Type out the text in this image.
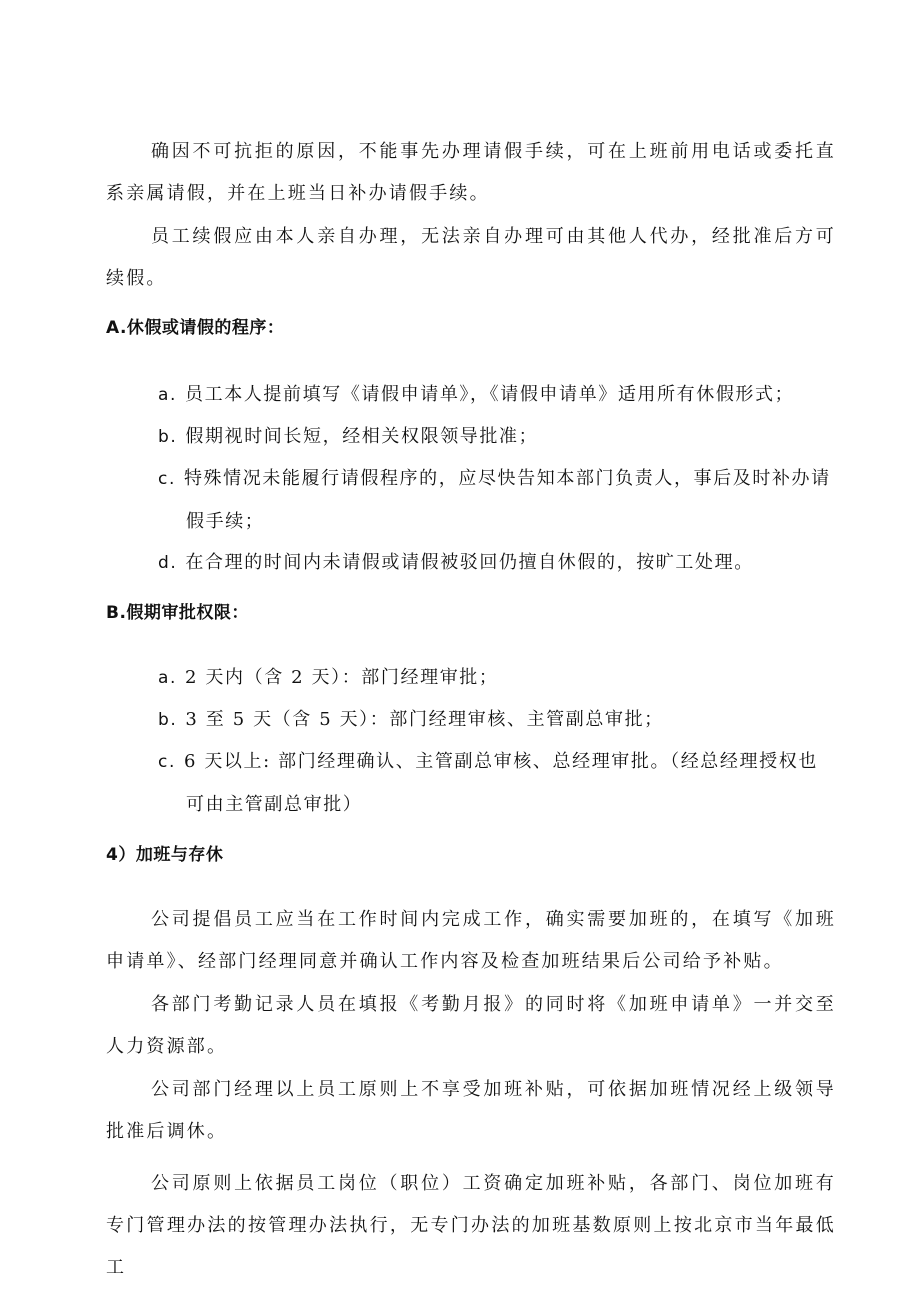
确因不可抗拒的原因，不能事先办理请假手续，可在上班前用电话或委托直系亲属请假，并在上班当日补办请假手续。
员工续假应由本人亲自办理，无法亲自办理可由其他人代办，经批准后方可续假。
A.休假或请假的程序：
a. 员工本人提前填写《请假申请单》，《请假申请单》适用所有休假形式；
b. 假期视时间长短，经相关权限领导批准；
c. 特殊情况未能履行请假程序的，应尽快告知本部门负责人，事后及时补办请
假手续；
d. 在合理的时间内未请假或请假被驳回仍擅自休假的，按旷工处理。
B.假期审批权限：
a. 2 天内（含 2 天）：部门经理审批；
b. 3 至 5 天（含 5 天）：部门经理审核、主管副总审批；
c. 6 天以上: 部门经理确认、主管副总审核、总经理审批。（经总经理授权也
可由主管副总审批）
4）加班与存休
公司提倡员工应当在工作时间内完成工作，确实需要加班的，在填写《加班申请单》、经部门经理同意并确认工作内容及检查加班结果后公司给予补贴。
各部门考勤记录人员在填报《考勤月报》的同时将《加班申请单》一并交至人力资源部。
公司部门经理以上员工原则上不享受加班补贴，可依据加班情况经上级领导批准后调休。
公司原则上依据员工岗位（职位）工资确定加班补贴，各部门、岗位加班有专门管理办法的按管理办法执行，无专门办法的加班基数原则上按北京市当年最低工
